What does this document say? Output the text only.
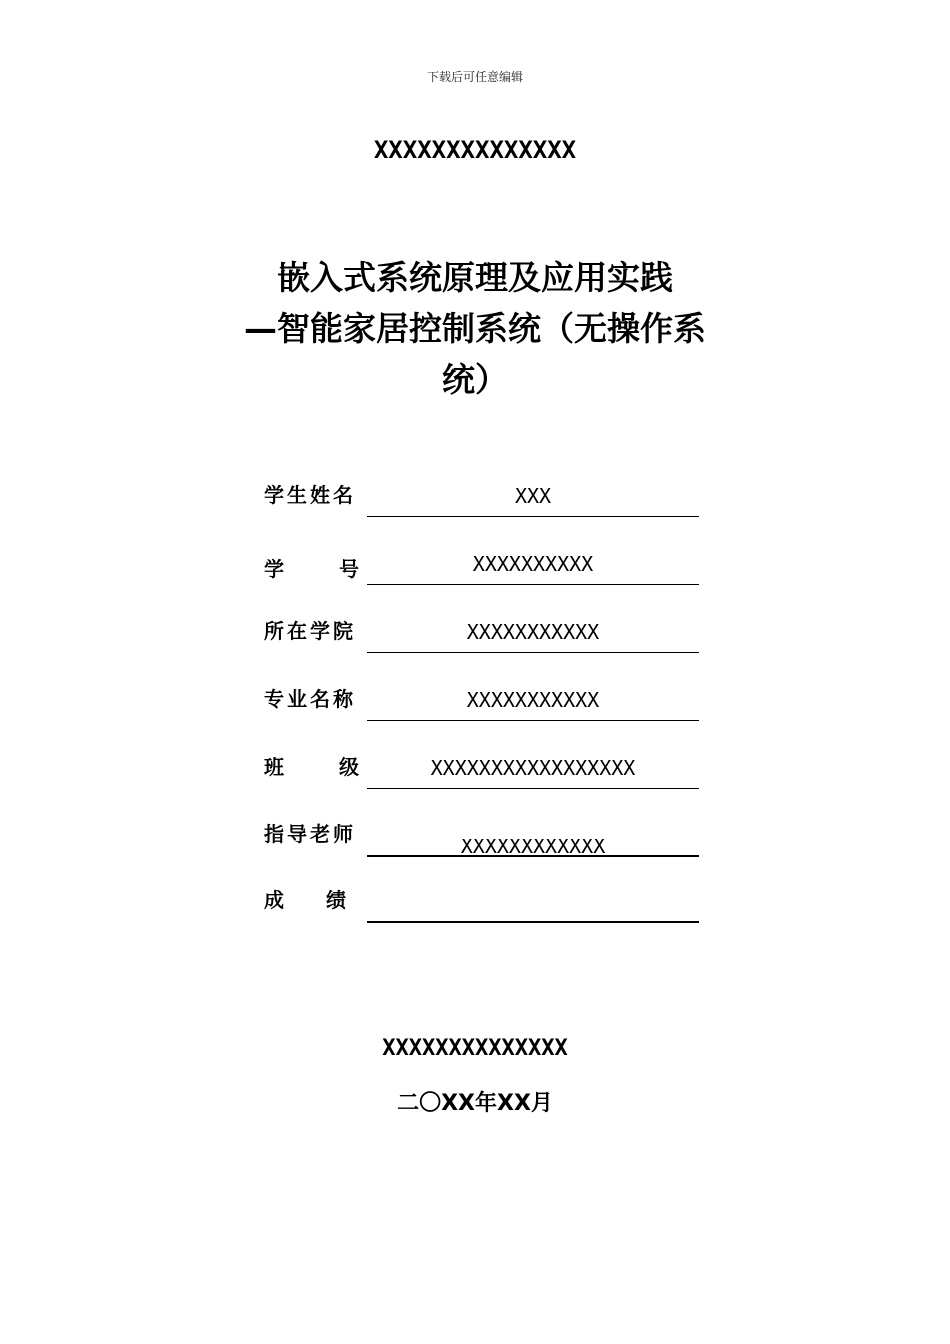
下载后可任意编辑
XXXXXXXXXXXXXX
嵌入式系统原理及应用实践
—智能家居控制系统（无操作系
统）
学生姓名	XXX
学	号	XXXXXXXXXX
所在学院	XXXXXXXXXXX
专业名称	XXXXXXXXXXX
班	级	XXXXXXXXXXXXXXXXX
指导老师	XXXXXXXXXXXX
成 绩
XXXXXXXXXXXXXX
二〇XX年XX月
